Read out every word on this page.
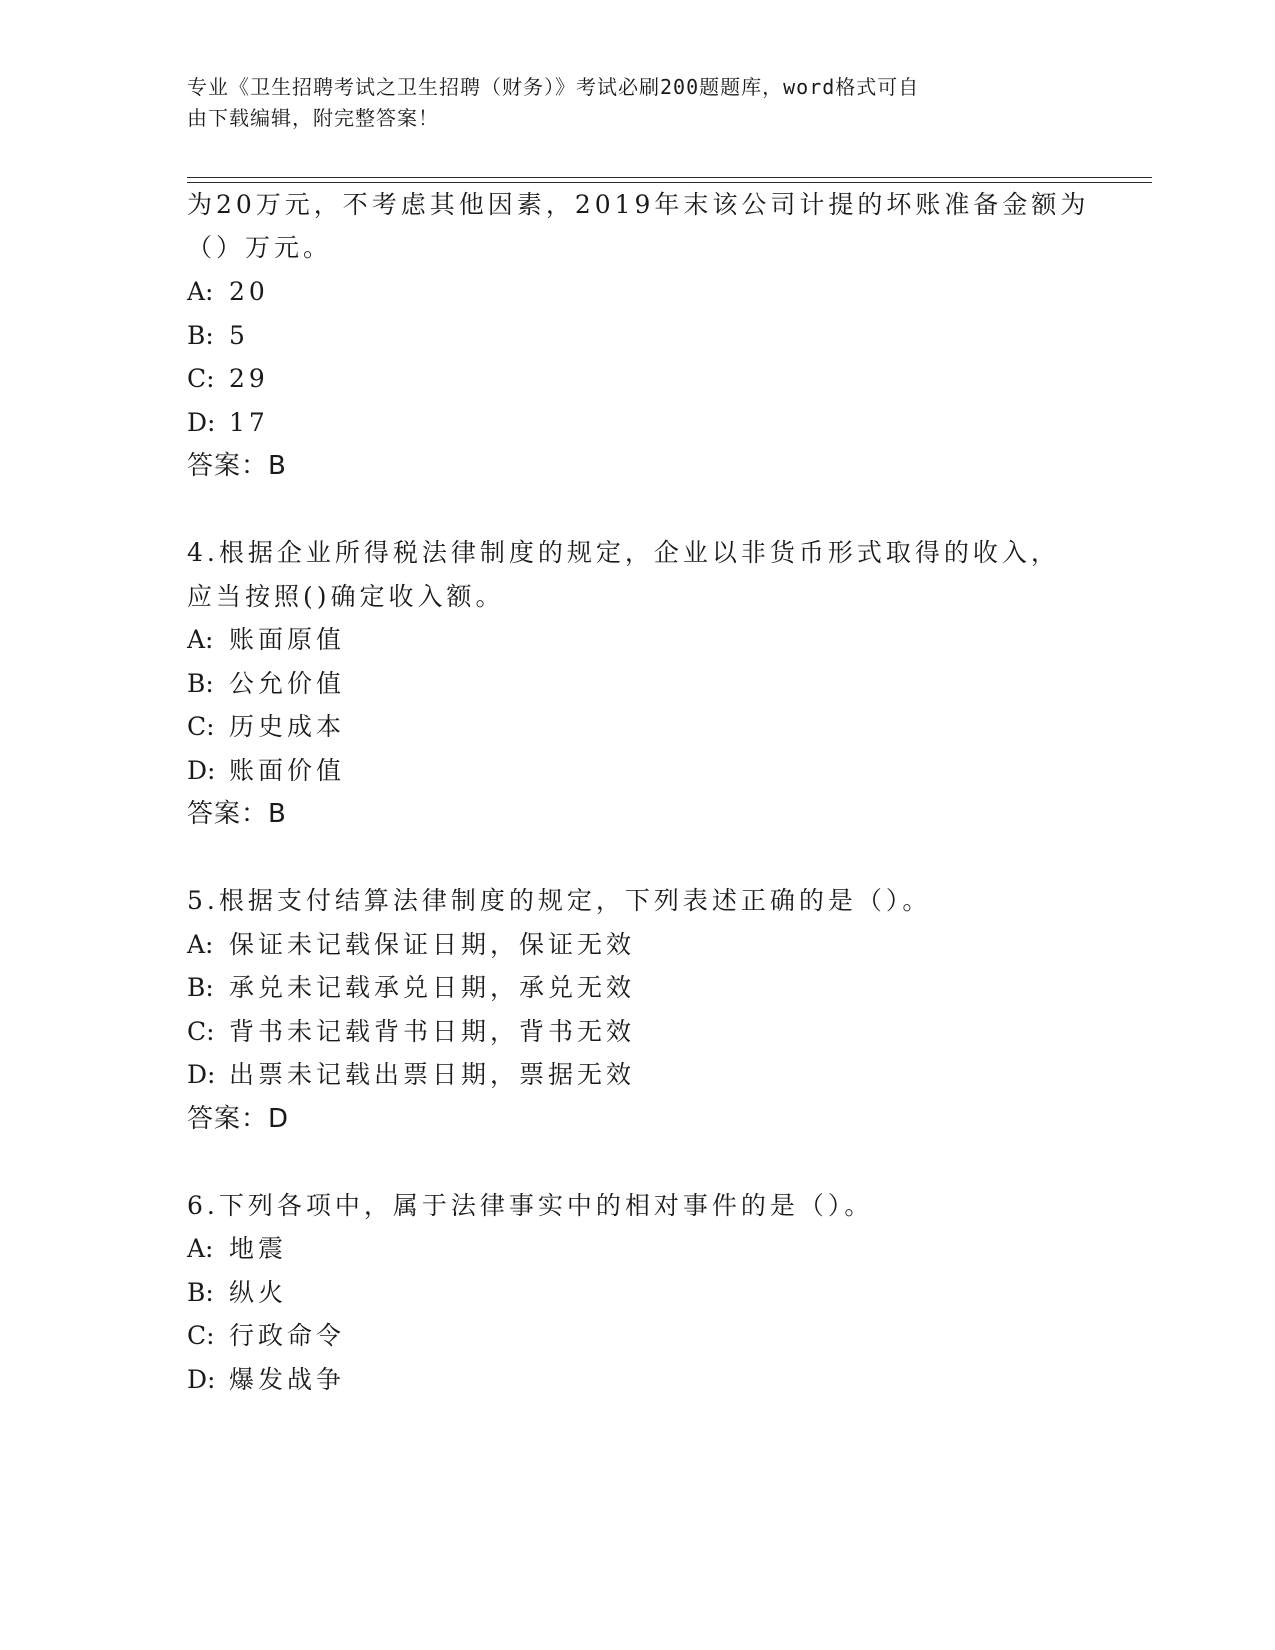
专业《卫生招聘考试之卫生招聘（财务）》考试必刷200题题库，word格式可自
由下载编辑，附完整答案！
为20万元，不考虑其他因素，2019年末该公司计提的坏账准备金额为
（）万元。
A: 20
B: 5
C: 29
D: 17
答案：B
4.根据企业所得税法律制度的规定，企业以非货币形式取得的收入，
应当按照()确定收入额。
A: 账面原值
B: 公允价值
C: 历史成本
D: 账面价值
答案：B
5.根据支付结算法律制度的规定，下列表述正确的是（）。
A: 保证未记载保证日期，保证无效
B: 承兑未记载承兑日期，承兑无效
C: 背书未记载背书日期，背书无效
D: 出票未记载出票日期，票据无效
答案：D
6.下列各项中，属于法律事实中的相对事件的是（）。
A: 地震
B: 纵火
C: 行政命令
D: 爆发战争
